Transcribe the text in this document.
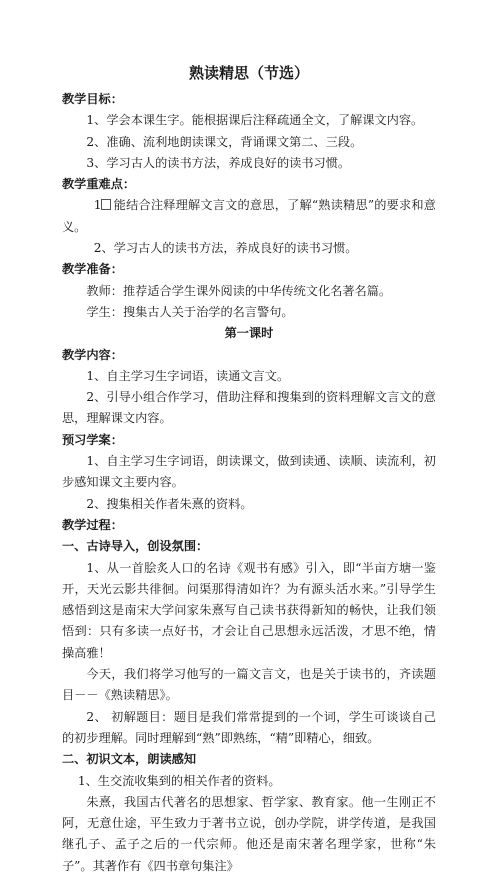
熟读精思（节选）

教学目标：

1、学会本课生字。能根据课后注释疏通全文，了解课文内容。

2、准确、流利地朗读课文，背诵课文第二、三段。

3、学习古人的读书方法，养成良好的读书习惯。

教学重难点：

1 能结合注释理解文言文的意思，了解“熟读精思”的要求和意义。

2、学习古人的读书方法，养成良好的读书习惯。

教学准备：

教师：推荐适合学生课外阅读的中华传统文化名著名篇。

学生：搜集古人关于治学的名言警句。

第一课时

教学内容：

1、自主学习生字词语，读通文言文。

2、引导小组合作学习，借助注释和搜集到的资料理解文言文的意思，理解课文内容。

预习学案：

1、自主学习生字词语，朗读课文，做到读通、读顺、读流利，初步感知课文主要内容。

2、搜集相关作者朱熹的资料。

教学过程：

一、古诗导入，创设氛围：

1、从一首脍炙人口的名诗《观书有感》引入，即“半亩方塘一鉴开，天光云影共徘徊。问渠那得清如许？为有源头活水来。”引导学生感悟到这是南宋大学问家朱熹写自己读书获得新知的畅快，让我们领悟到：只有多读一点好书，才会让自己思想永远活泼，才思不绝，情操高雅！

今天，我们将学习他写的一篇文言文，也是关于读书的，齐读题目－－《熟读精思》。

2、 初解题目：题目是我们常常提到的一个词，学生可谈谈自己的初步理解。同时理解到“熟”即熟练，“精”即精心，细致。

二、初识文本，朗读感知

1、生交流收集到的相关作者的资料。

朱熹，我国古代著名的思想家、哲学家、教育家。他一生刚正不阿，无意仕途，平生致力于著书立说，创办学院，讲学传道，是我国继孔子、孟子之后的一代宗师。他还是南宋著名理学家，世称“朱子”。其著作有《四书章句集注》
